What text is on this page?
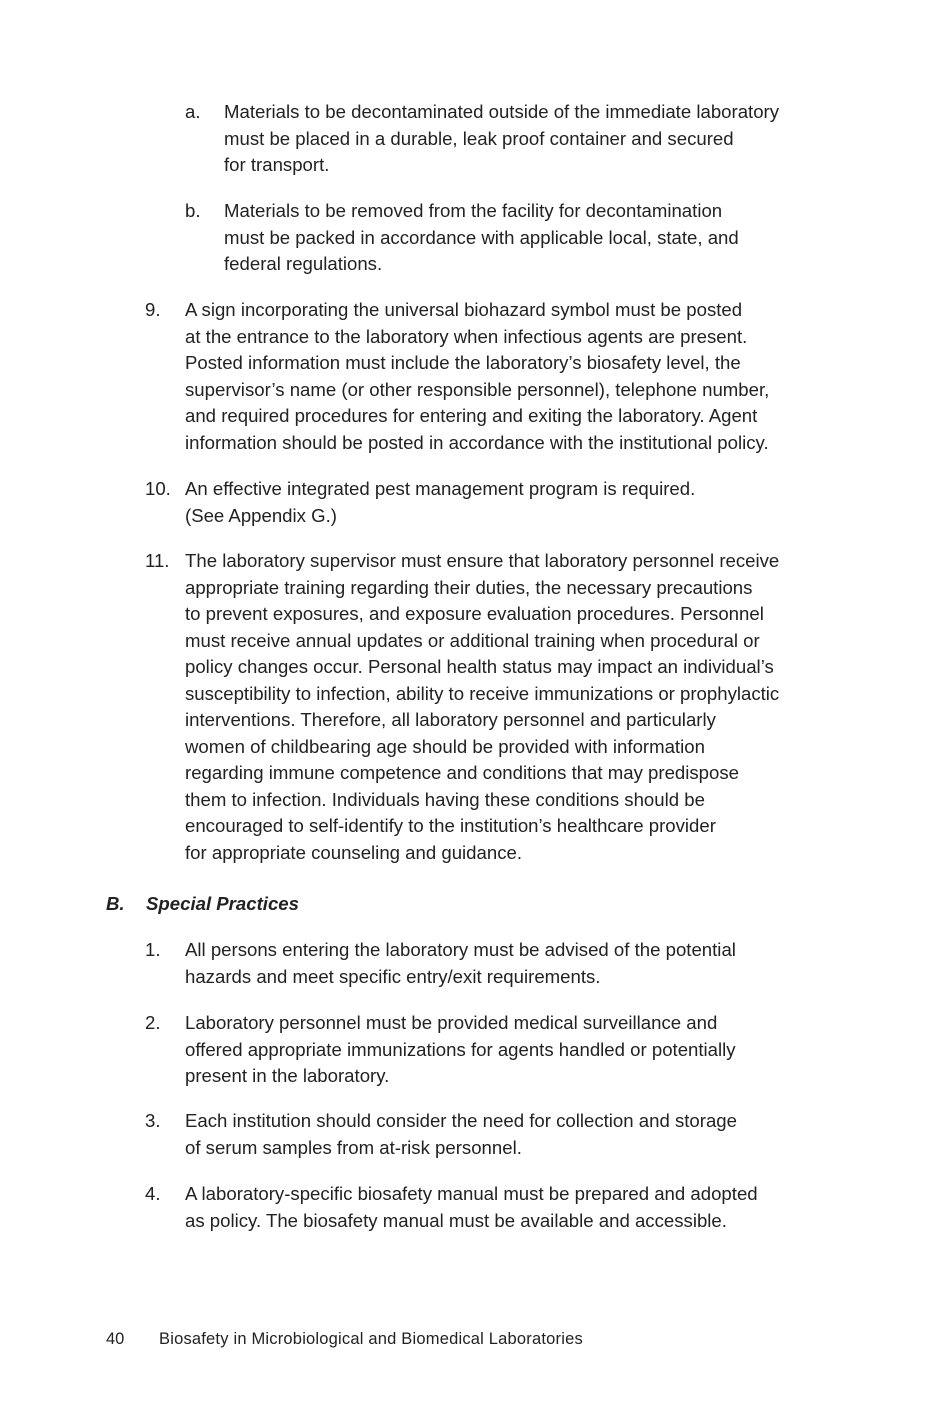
a. Materials to be decontaminated outside of the immediate laboratory
must be placed in a durable, leak proof container and secured
for transport.
b. Materials to be removed from the facility for decontamination
must be packed in accordance with applicable local, state, and
federal regulations.
9. A sign incorporating the universal biohazard symbol must be posted
at the entrance to the laboratory when infectious agents are present.
Posted information must include the laboratory’s biosafety level, the
supervisor’s name (or other responsible personnel), telephone number,
and required procedures for entering and exiting the laboratory. Agent
information should be posted in accordance with the institutional policy.
10. An effective integrated pest management program is required.
(See Appendix G.)
11. The laboratory supervisor must ensure that laboratory personnel receive
appropriate training regarding their duties, the necessary precautions
to prevent exposures, and exposure evaluation procedures. Personnel
must receive annual updates or additional training when procedural or
policy changes occur. Personal health status may impact an individual’s
susceptibility to infection, ability to receive immunizations or prophylactic
interventions. Therefore, all laboratory personnel and particularly
women of childbearing age should be provided with information
regarding immune competence and conditions that may predispose
them to infection. Individuals having these conditions should be
encouraged to self-identify to the institution’s healthcare provider
for appropriate counseling and guidance.
B. Special Practices
1. All persons entering the laboratory must be advised of the potential
hazards and meet specific entry/exit requirements.
2. Laboratory personnel must be provided medical surveillance and
offered appropriate immunizations for agents handled or potentially
present in the laboratory.
3. Each institution should consider the need for collection and storage
of serum samples from at-risk personnel.
4. A laboratory-specific biosafety manual must be prepared and adopted
as policy. The biosafety manual must be available and accessible.
40 Biosafety in Microbiological and Biomedical Laboratories
